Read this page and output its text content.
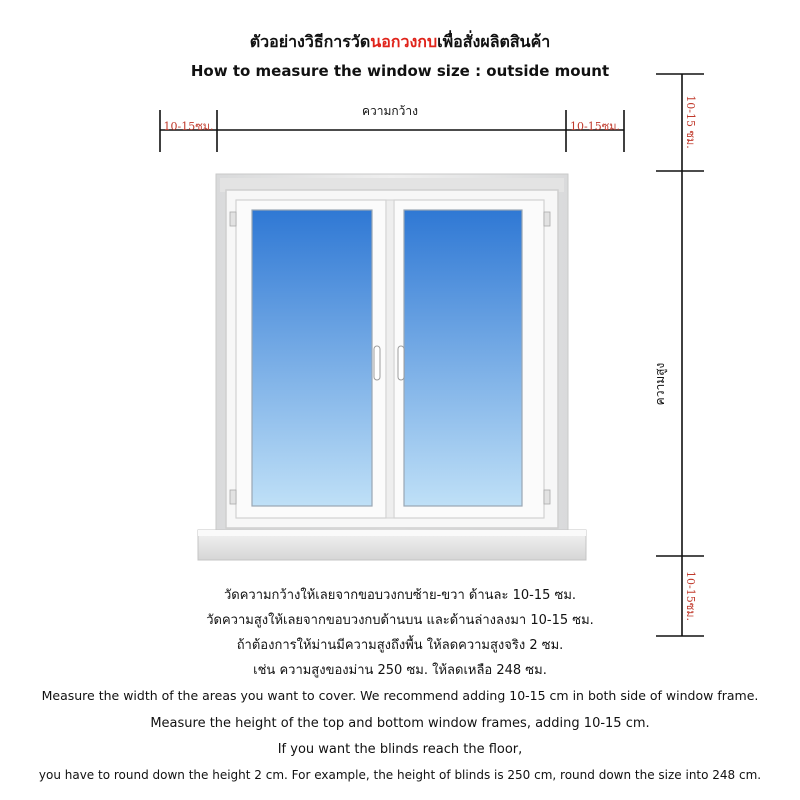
ตัวอย่างวิธีการวัดนอกวงกบเพื่อสั่งผลิตสินค้า
How to measure the window size : outside mount
ความกว้าง
10-15ซม.	10-15ซม.	10-15 ซม.
ความสูง
10-15ซม.
วัดความกว้างให้เลยจากขอบวงกบซ้าย-ขวา ด้านละ 10-15 ซม.
วัดความสูงให้เลยจากขอบวงกบด้านบน และด้านล่างลงมา 10-15 ซม.
ถ้าต้องการให้ม่านมีความสูงถึงพื้น ให้ลดความสูงจริง 2 ซม.
เช่น ความสูงของม่าน 250 ซม. ให้ลดเหลือ 248 ซม.
Measure the width of the areas you want to cover. We recommend adding 10-15 cm in both side of window frame.
Measure the height of the top and bottom window frames, adding 10-15 cm.
If you want the blinds reach the floor,
you have to round down the height 2 cm. For example, the height of blinds is 250 cm, round down the size into 248 cm.
